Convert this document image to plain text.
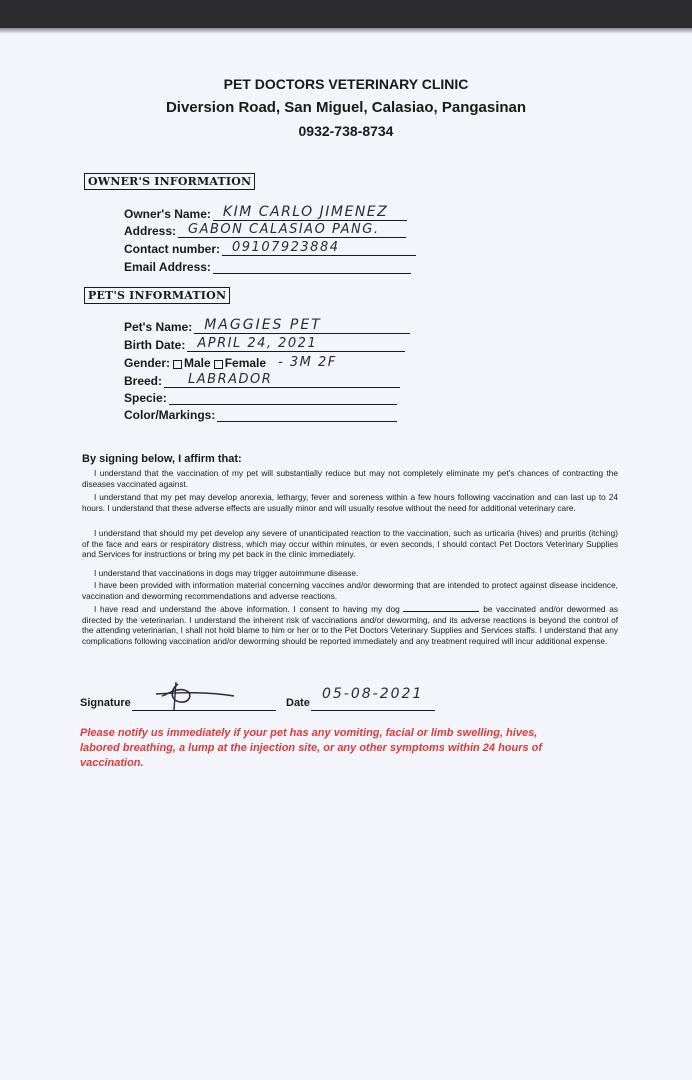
PET DOCTORS VETERINARY CLINIC
Diversion Road, San Miguel, Calasiao, Pangasinan
0932-738-8734
OWNER'S INFORMATION
Owner's Name: KIM CARLO JIMENEZ
Address: GABON CALASIAO PANG.
Contact number: 09107923884
Email Address:
PET'S INFORMATION
Pet's Name: MAGGIES PET
Birth Date: APRIL 24, 2021
Gender: Male Female - 3M 2F
Breed: LABRADOR
Specie:
Color/Markings:
By signing below, I affirm that:
I understand that the vaccination of my pet will substantially reduce but may not completely eliminate my pet's chances of contracting the diseases vaccinated against.
I understand that my pet may develop anorexia, lethargy, fever and soreness within a few hours following vaccination and can last up to 24 hours. I understand that these adverse effects are usually minor and will usually resolve without the need for additional veterinary care.
I understand that should my pet develop any severe of unanticipated reaction to the vaccination, such as urticaria (hives) and pruritis (itching) of the face and ears or respiratory distress, which may occur within minutes, or even seconds, I should contact Pet Doctors Veterinary Supplies and Services for instructions or bring my pet back in the clinic immediately.
I understand that vaccinations in dogs may trigger autoimmune disease.
I have been provided with information material concerning vaccines and/or deworming that are intended to protect against disease incidence, vaccination and deworming recommendations and adverse reactions.
I have read and understand the above information. I consent to having my dog	be vaccinated and/or dewormed as directed by the veterinarian. I understand the inherent risk of vaccinations and/or deworming, and its adverse reactions is beyond the control of the attending veterinarian, I shall not hold blame to him or her or to the Pet Doctors Veterinary Supplies and Services staffs. I understand that any complications following vaccination and/or deworming should be reported immediately and any treatment required will incur additional expense.
Signature	Date
05-08-2021
Please notify us immediately if your pet has any vomiting, facial or limb swelling, hives, labored breathing, a lump at the injection site, or any other symptoms within 24 hours of vaccination.
